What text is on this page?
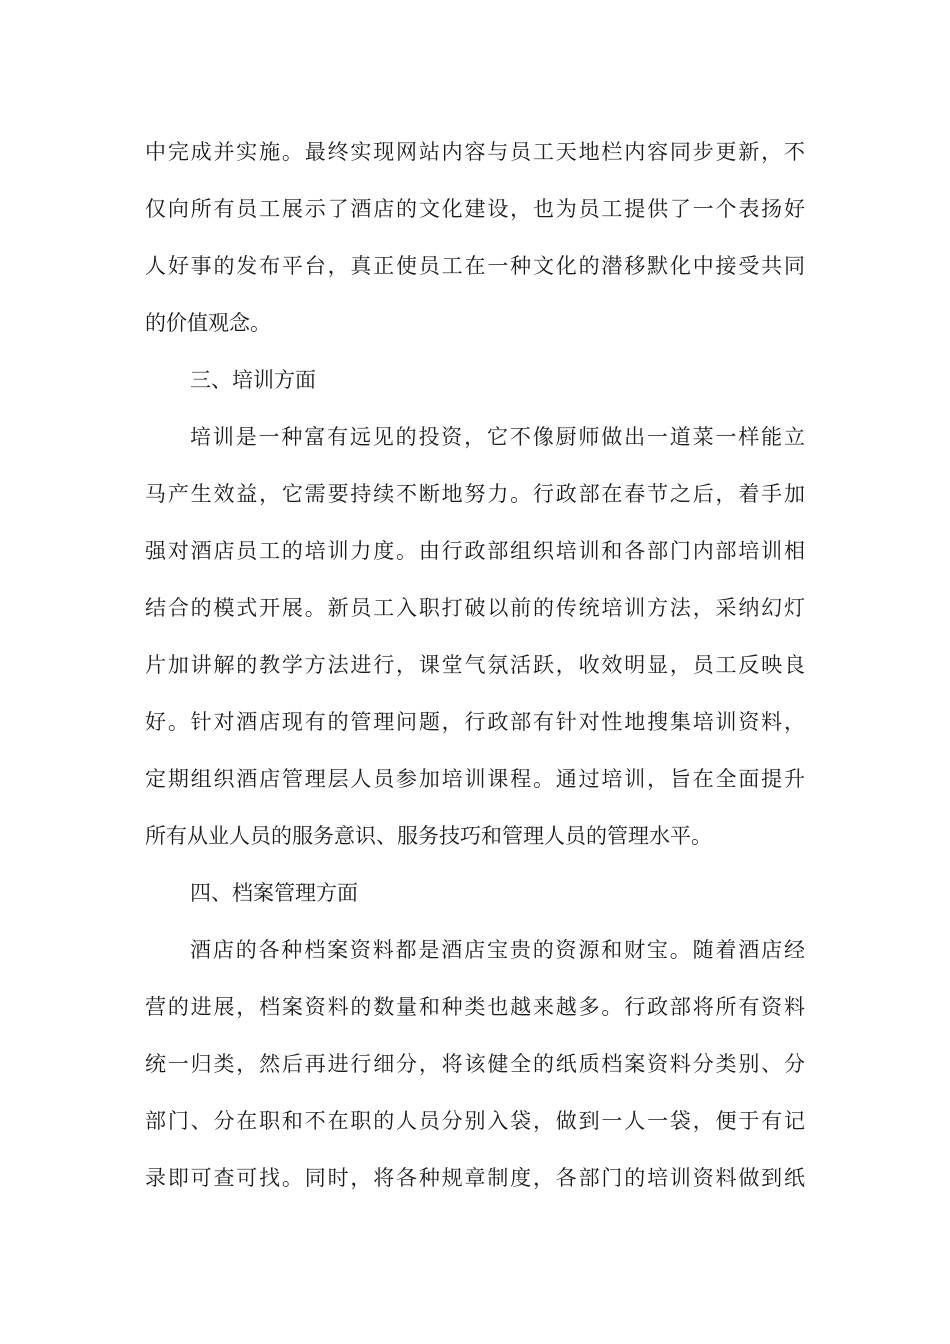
中完成并实施。最终实现网站内容与员工天地栏内容同步更新，不
仅向所有员工展示了酒店的文化建设，也为员工提供了一个表扬好
人好事的发布平台，真正使员工在一种文化的潜移默化中接受共同
的价值观念。
三、培训方面
培训是一种富有远见的投资，它不像厨师做出一道菜一样能立
马产生效益，它需要持续不断地努力。行政部在春节之后，着手加
强对酒店员工的培训力度。由行政部组织培训和各部门内部培训相
结合的模式开展。新员工入职打破以前的传统培训方法，采纳幻灯
片加讲解的教学方法进行，课堂气氛活跃，收效明显，员工反映良
好。针对酒店现有的管理问题，行政部有针对性地搜集培训资料，
定期组织酒店管理层人员参加培训课程。通过培训，旨在全面提升
所有从业人员的服务意识、服务技巧和管理人员的管理水平。
四、档案管理方面
酒店的各种档案资料都是酒店宝贵的资源和财宝。随着酒店经
营的进展，档案资料的数量和种类也越来越多。行政部将所有资料
统一归类，然后再进行细分，将该健全的纸质档案资料分类别、分
部门、分在职和不在职的人员分别入袋，做到一人一袋，便于有记
录即可查可找。同时，将各种规章制度，各部门的培训资料做到纸
